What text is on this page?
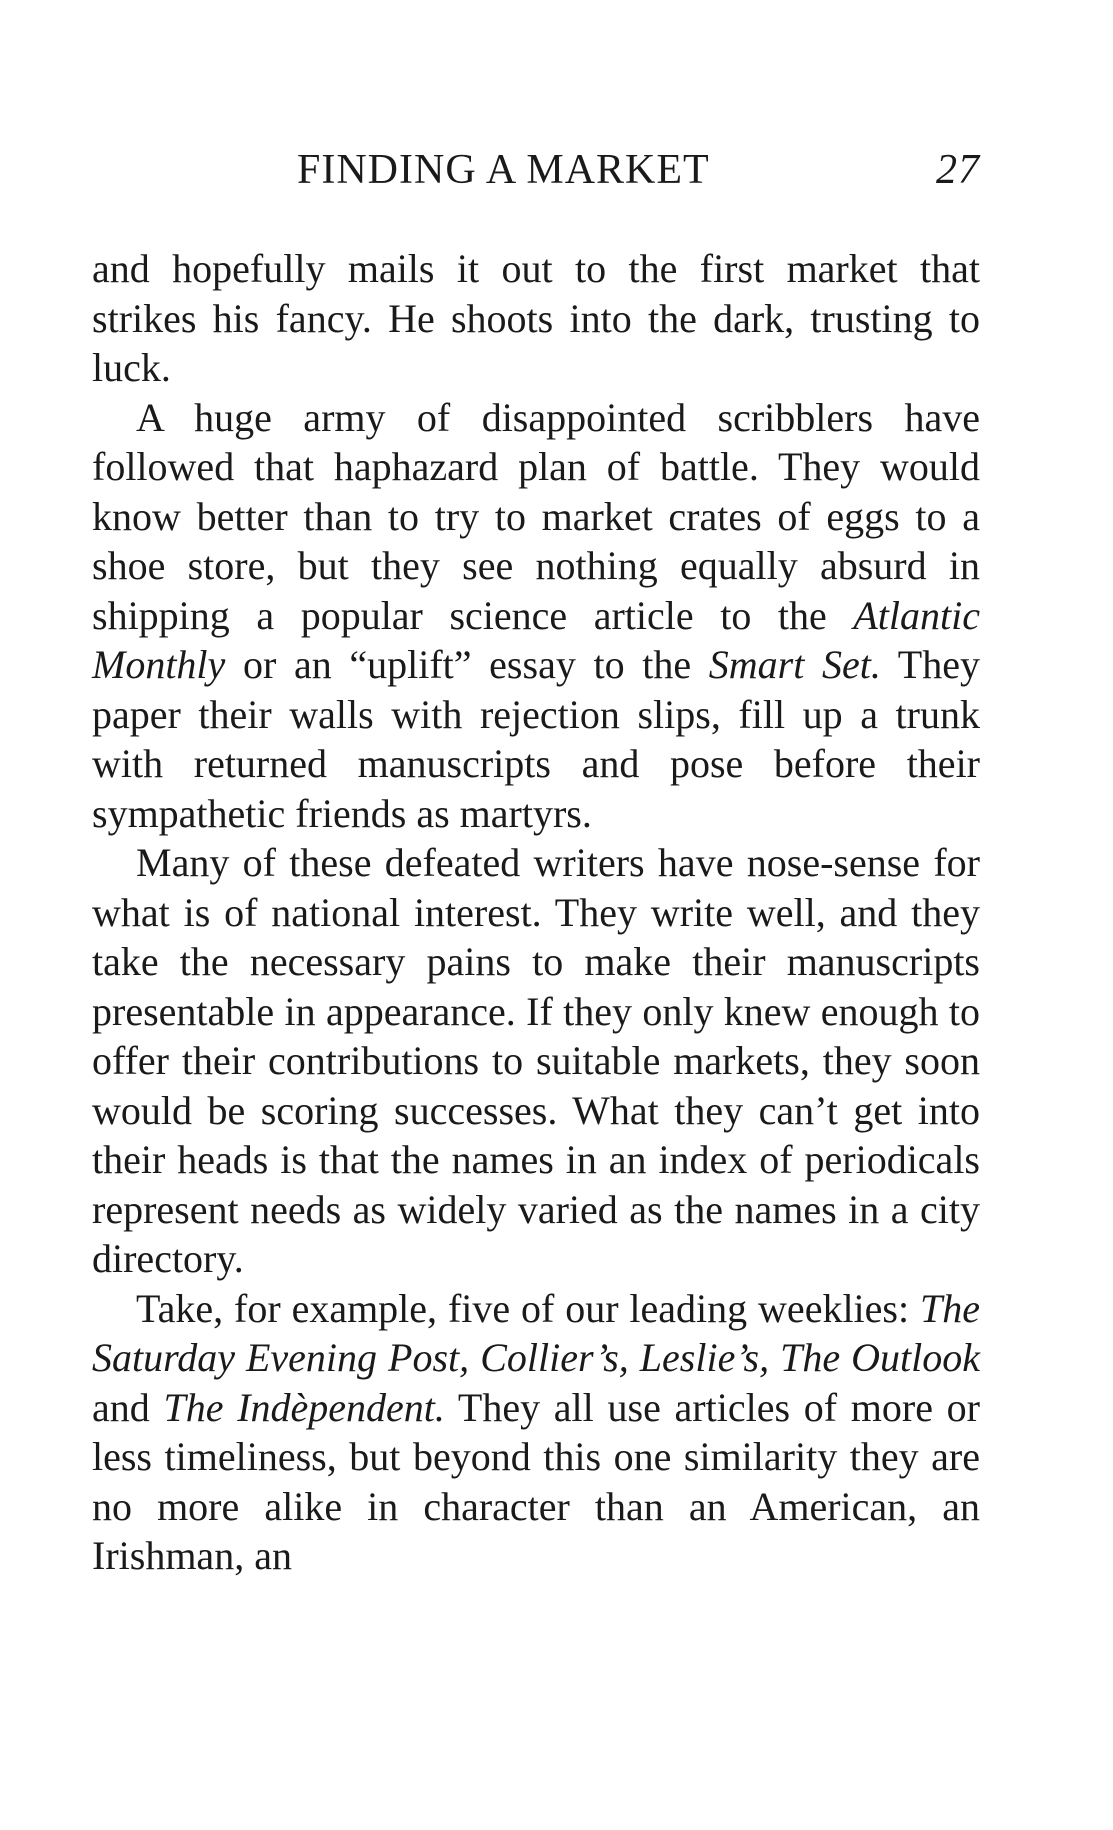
FINDING A MARKET	27

and hopefully mails it out to the first market that strikes his fancy. He shoots into the dark, trusting to luck.

A huge army of disappointed scribblers have followed that haphazard plan of battle. They would know better than to try to market crates of eggs to a shoe store, but they see nothing equally absurd in shipping a popular science article to the Atlantic Monthly or an “uplift” essay to the Smart Set. They paper their walls with rejection slips, fill up a trunk with returned manuscripts and pose before their sympathetic friends as martyrs.

Many of these defeated writers have nose-sense for what is of national interest. They write well, and they take the necessary pains to make their manuscripts presentable in appearance. If they only knew enough to offer their contributions to suitable markets, they soon would be scoring successes. What they can’t get into their heads is that the names in an index of periodicals represent needs as widely varied as the names in a city directory.

Take, for example, five of our leading weeklies: The Saturday Evening Post, Collier’s, Leslie’s, The Outlook and The Indèpendent. They all use articles of more or less timeliness, but beyond this one similarity they are no more alike in character than an American, an Irishman, an
